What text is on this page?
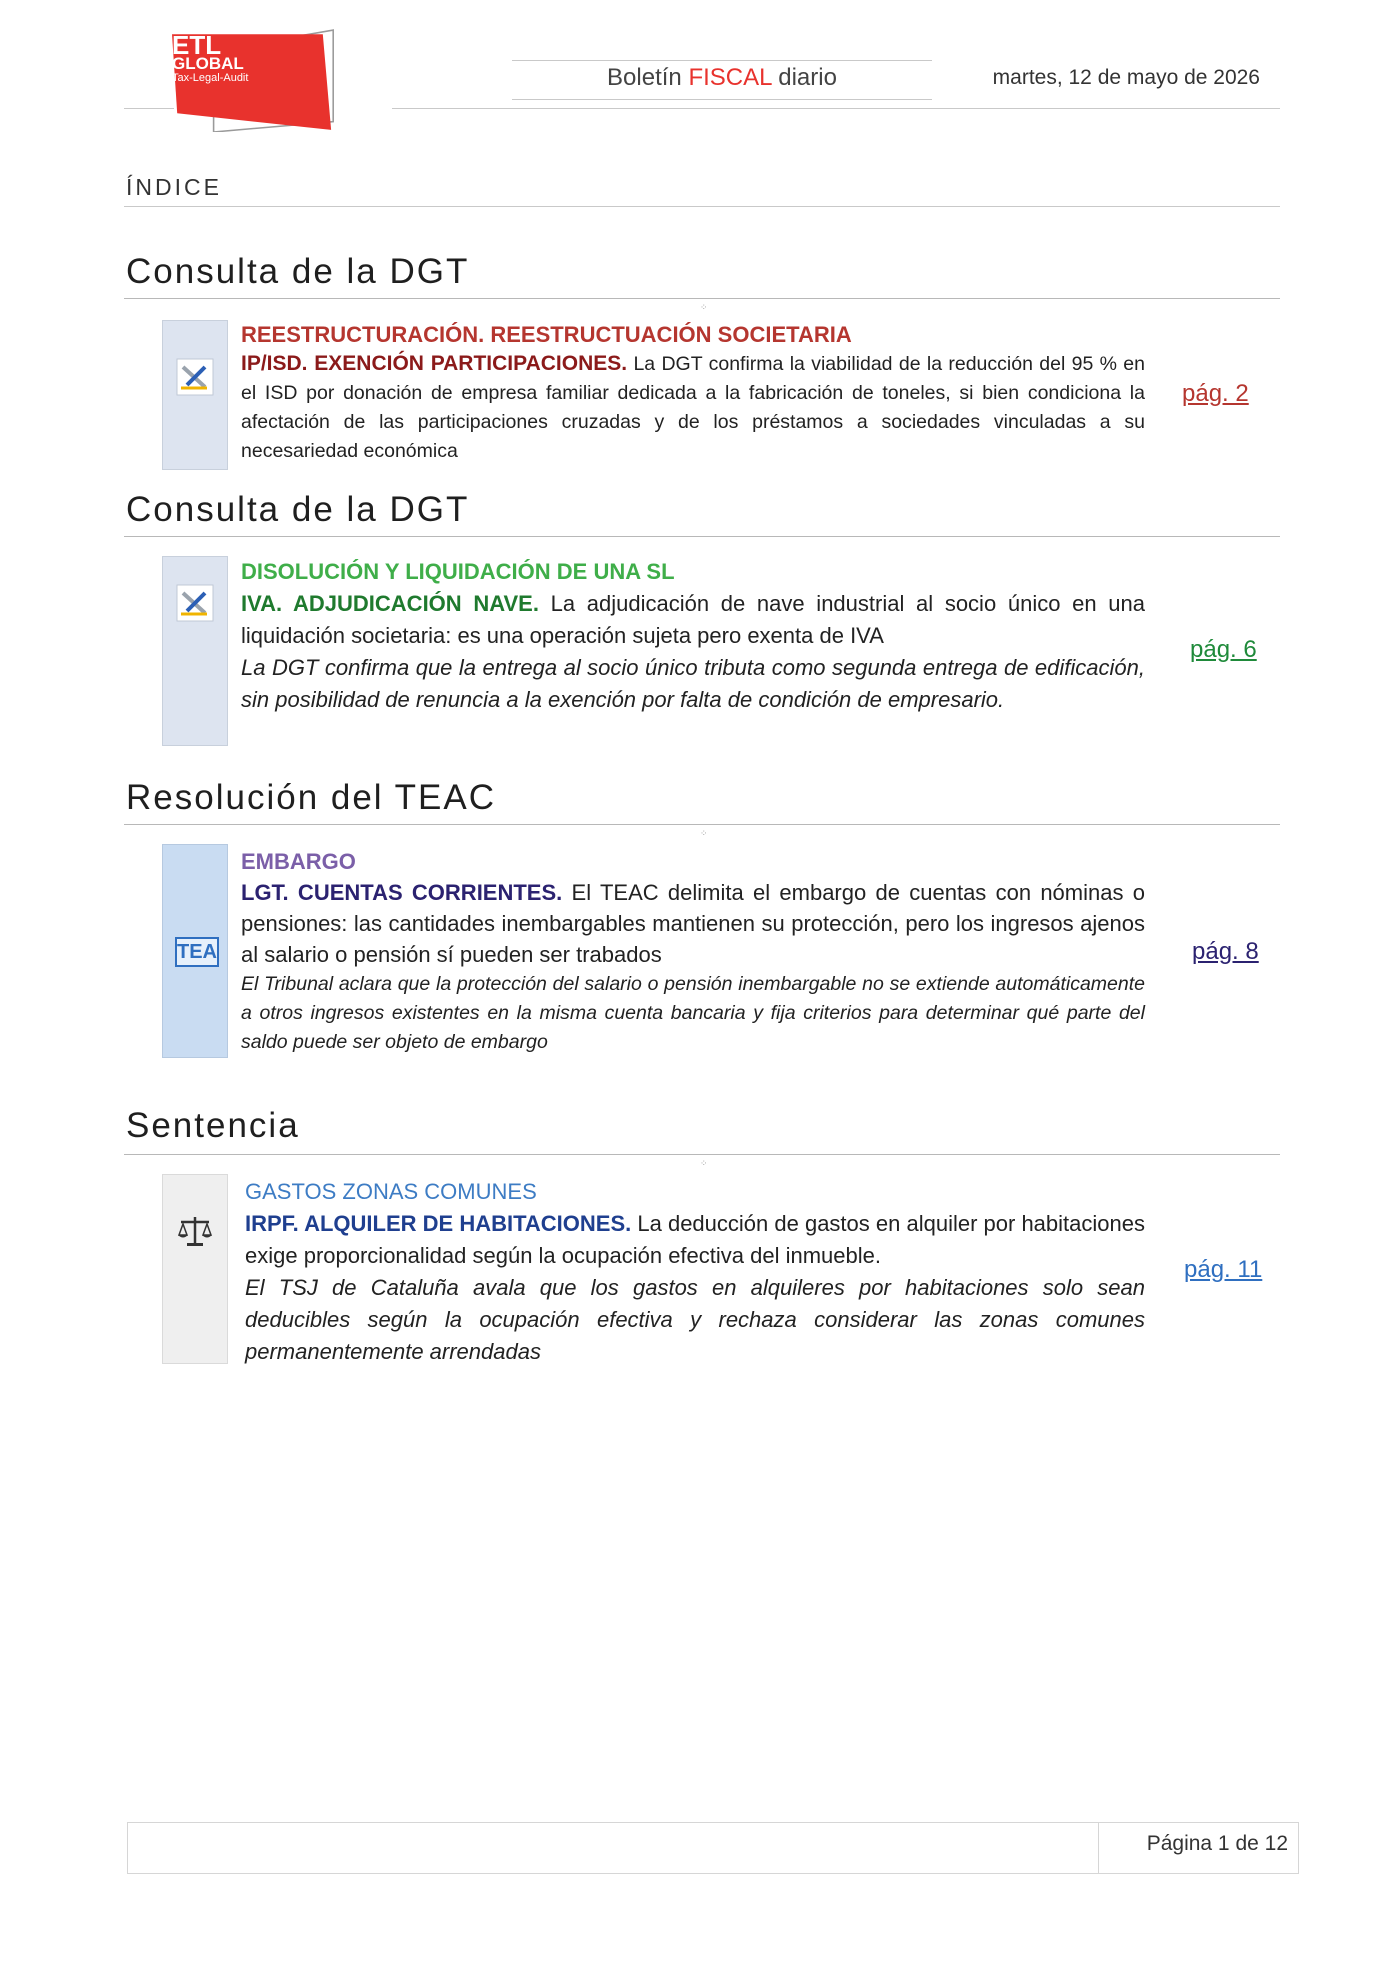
ETL
GLOBAL
Tax-Legal-Audit	Boletín FISCAL diario	martes, 12 de mayo de 2026
ÍNDICE
Consulta de la DGT
⁘
REESTRUCTURACIÓN. REESTRUCTUACIÓN SOCIETARIA

IP/ISD. EXENCIÓN PARTICIPACIONES. La DGT confirma la viabilidad de la reducción del 95 % en el ISD por donación de empresa familiar dedicada a la fabricación de toneles, si bien condiciona la afectación de las participaciones cruzadas y de los préstamos a sociedades vinculadas a su necesariedad económica

pág. 2
Consulta de la DGT
DISOLUCIÓN Y LIQUIDACIÓN DE UNA SL

IVA. ADJUDICACIÓN NAVE. La adjudicación de nave industrial al socio único en una liquidación societaria: es una operación sujeta pero exenta de IVA

La DGT confirma que la entrega al socio único tributa como segunda entrega de edificación, sin posibilidad de renuncia a la exención por falta de condición de empresario.

pág. 6
Resolución del TEAC
⁘
TEA
EMBARGO

LGT. CUENTAS CORRIENTES. El TEAC delimita el embargo de cuentas con nóminas o pensiones: las cantidades inembargables mantienen su protección, pero los ingresos ajenos al salario o pensión sí pueden ser trabados

El Tribunal aclara que la protección del salario o pensión inembargable no se extiende automáticamente a otros ingresos existentes en la misma cuenta bancaria y fija criterios para determinar qué parte del saldo puede ser objeto de embargo

pág. 8
Sentencia
⁘
GASTOS ZONAS COMUNES

IRPF. ALQUILER DE HABITACIONES. La deducción de gastos en alquiler por habitaciones exige proporcionalidad según la ocupación efectiva del inmueble.

El TSJ de Cataluña avala que los gastos en alquileres por habitaciones solo sean deducibles según la ocupación efectiva y rechaza considerar las zonas comunes permanentemente arrendadas

pág. 11
Página 1 de 12
